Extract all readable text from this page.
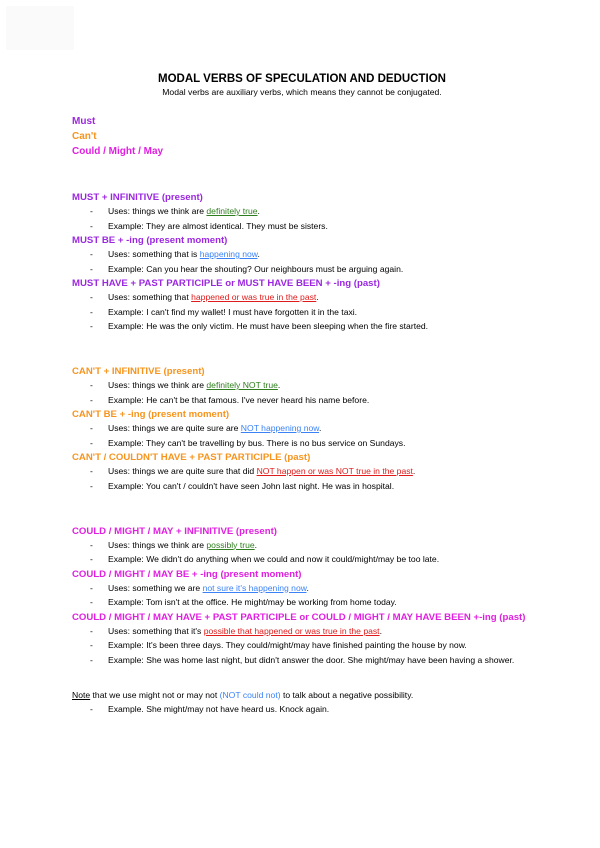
MODAL VERBS OF SPECULATION AND DEDUCTION

Modal verbs are auxiliary verbs, which means they cannot be conjugated.

Must

Can't

Could / Might / May

MUST + INFINITIVE (present)

- Uses: things we think are definitely true.
- Example: They are almost identical. They must be sisters.

MUST BE + -ing (present moment)

- Uses: something that is happening now.
- Example: Can you hear the shouting? Our neighbours must be arguing again.

MUST HAVE + PAST PARTICIPLE or MUST HAVE BEEN + -ing (past)

- Uses: something that happened or was true in the past.
- Example: I can't find my wallet! I must have forgotten it in the taxi.
- Example: He was the only victim. He must have been sleeping when the fire started.

CAN'T + INFINITIVE (present)

- Uses: things we think are definitely NOT true.
- Example: He can't be that famous. I've never heard his name before.

CAN'T BE + -ing (present moment)

- Uses: things we are quite sure are NOT happening now.
- Example: They can't be travelling by bus. There is no bus service on Sundays.

CAN'T / COULDN'T HAVE + PAST PARTICIPLE (past)

- Uses: things we are quite sure that did NOT happen or was NOT true in the past.
- Example: You can't / couldn't have seen John last night. He was in hospital.

COULD / MIGHT / MAY + INFINITIVE (present)

- Uses: things we think are possibly true.
- Example: We didn't do anything when we could and now it could/might/may be too late.

COULD / MIGHT / MAY BE + -ing (present moment)

- Uses: something we are not sure it's happening now.
- Example: Tom isn't at the office. He might/may be working from home today.

COULD / MIGHT / MAY HAVE + PAST PARTICIPLE or COULD / MIGHT / MAY HAVE BEEN +-ing (past)

- Uses: something that it's possible that happened or was true in the past.
- Example: It's been three days. They could/might/may have finished painting the house by now.
- Example: She was home last night, but didn't answer the door. She might/may have been having a shower.

Note that we use might not or may not (NOT could not) to talk about a negative possibility.

- Example. She might/may not have heard us. Knock again.
